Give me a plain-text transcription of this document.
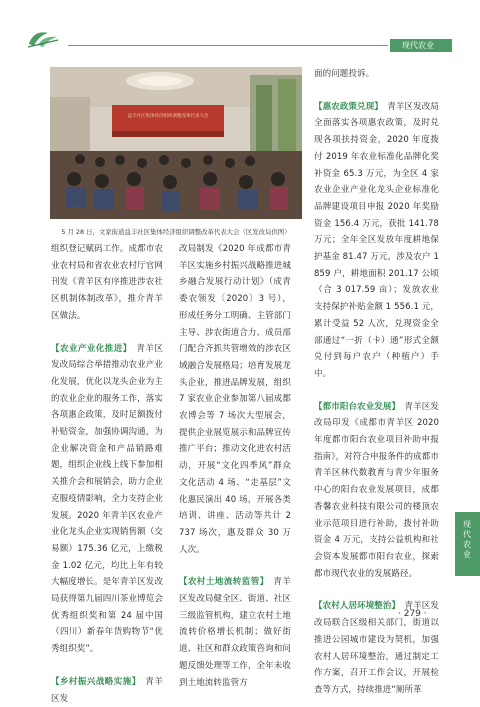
现代农业
益丰社区集体经济组织调整改革代表大会
5 月 28 日，文家街道益丰社区集体经济组织调整改革代表大会（区发改局供图）

组织登记赋码工作。成都市农业农村局和省农业农村厅官网刊发《青羊区有序推进涉农社区机制体制改革》，推介青羊区做法。

【农业产业化推进】　 青羊区发改局综合举措推动农业产业化发展，优化以龙头企业为主的农业企业的服务工作，落实各项惠企政策，及时足额拨付补贴资金，加强协调沟通，为企业解决资金和产品销路难题，组织企业线上线下参加相关推介会和展销会，助力企业克服疫情影响，全力支持企业发展。2020 年青羊区农业产业化龙头企业实现销售额（交易额）175.36 亿元，上缴税金 1.02 亿元，均比上年有较大幅度增长。是年青羊区发改局获得第九届四川茶业博览会优秀组织奖和第 24 届中国（四川）新春年货购物节“优秀组织奖”。

【乡村振兴战略实施】　 青羊区发

改局制发《2020 年成都市青羊区实施乡村振兴战略推进城乡融合发展行动计划》（成青委农领发〔2020〕3 号），形成任务分工明确、主管部门主导、涉农街道合力、成员部门配合齐抓共管增效的涉农区域融合发展格局；培育发展龙头企业，推进品牌发展，组织 7 家农业企业参加第八届成都农博会等 7 场次大型展会，提供企业展览展示和品牌宣传推广平台；推动文化进农村活动，开展“文化四季风”群众文化活动 4 场、“走基层”文化惠民演出 40 场，开展各类培训、讲座、活动等共计 2 737 场次，惠及群众 30 万人次。

【农村土地流转监管】　 青羊区发改局健全区、街道、社区三级监管机构，建立农村土地流转价格增长机制；做好街道、社区和群众政策咨询和问题反馈处理等工作，全年未收到土地流转监管方

面的问题投诉。

【惠农政策兑现】　 青羊区发改局全面落实各项惠农政策，及时兑现各项扶持资金，2020 年度拨付 2019 年农业标准化品牌化奖补资金 65.3 万元，为全区 4 家农业企业产业化龙头企业标准化品牌建设项目申报 2020 年奖励资金 156.4 万元，获批 141.78 万元；全年全区发放年度耕地保护基金 81.47 万元，涉及农户 1 859 户，耕地面积 201.17 公顷（合 3 017.59 亩）；发放农业支持保护补贴金额 1 556.1 元，累计受益 52 人次，兑现资金全部通过“一折（卡）通”形式全额兑付到每户农户（种植户）手中。

【都市阳台农业发展】　 青羊区发改局印发《成都市青羊区 2020 年度都市阳台农业项目补助申报指南》，对符合申报条件的成都市青羊区林代数教育与青少年服务中心的阳台农业发展项目，成都香馨农业科技有限公司的楼顶农业示范项目进行补助，拨付补助资金 4 万元，支持公益机构和社会资本发展都市阳台农业，探索都市现代农业的发展路径。

【农村人居环境整治】　 青羊区发改局联合区级相关部门，街道以推进公园城市建设为契机，加强农村人居环境整治，通过制定工作方案，召开工作会议，开展检查等方式，持续推进“厕所革

现代农业
· 279 ·
